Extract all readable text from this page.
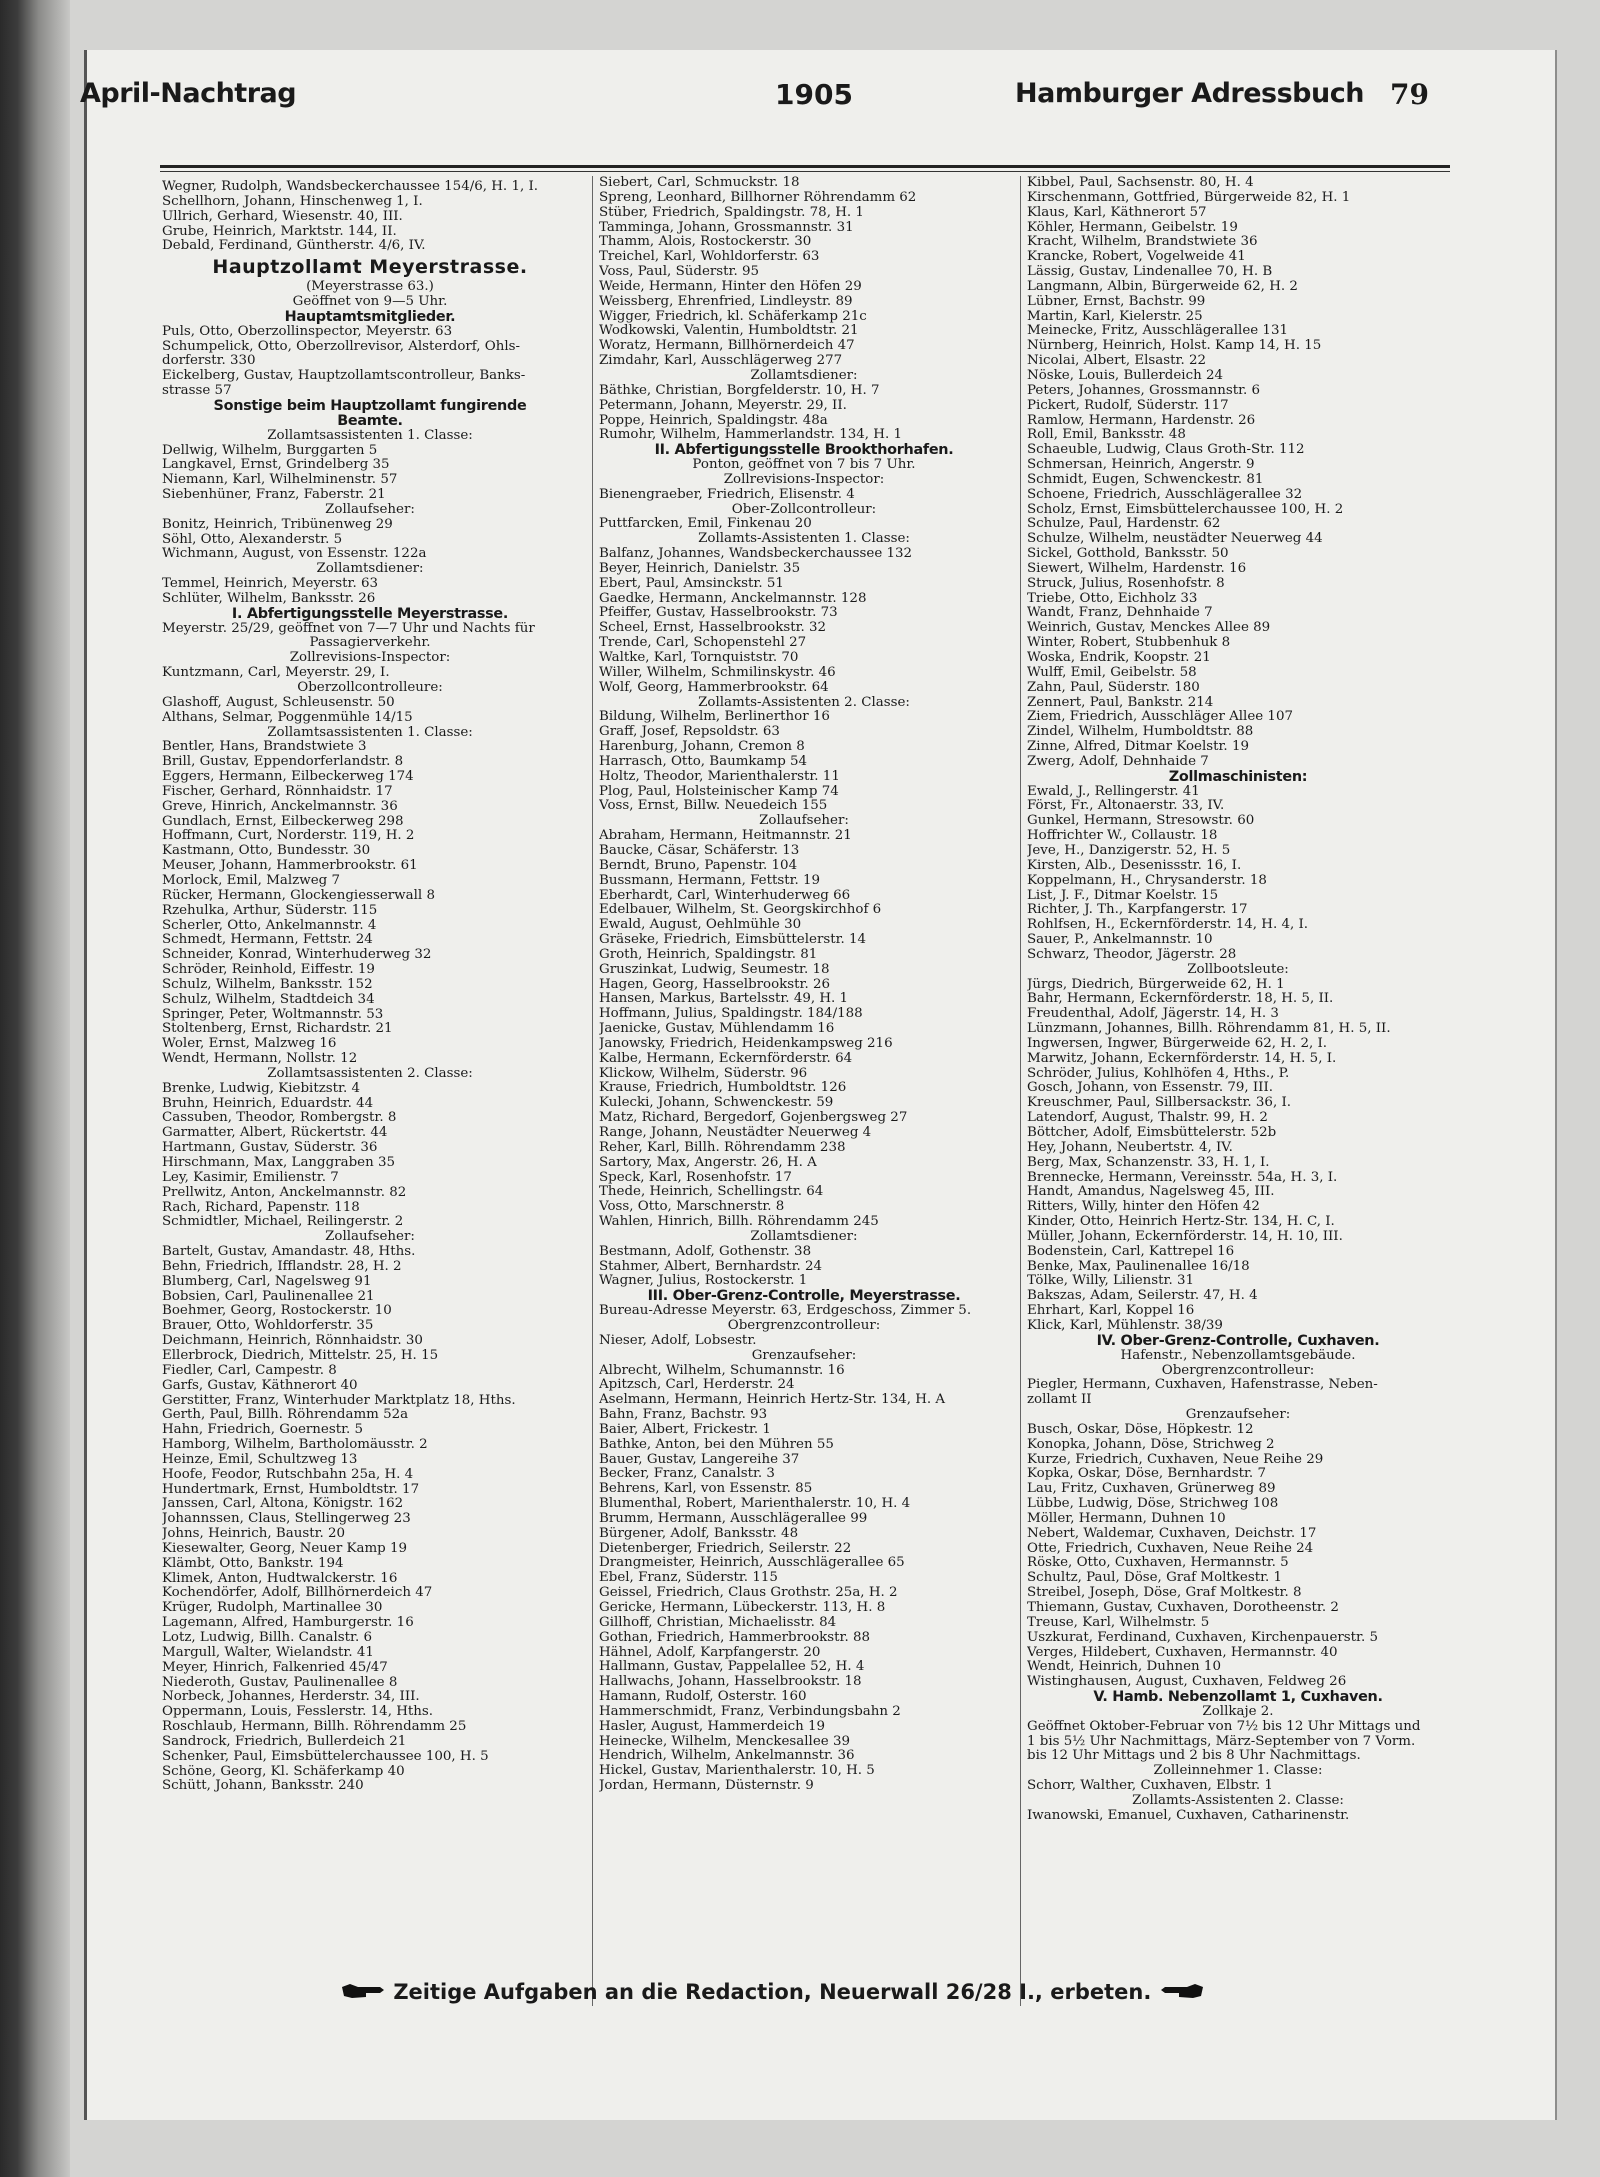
April-Nachtrag	1905	Hamburger Adressbuch 79
Wegner, Rudolph, Wandsbeckerchaussee 154/6, H. 1, I.
Schellhorn, Johann, Hinschenweg 1, I.
Ullrich, Gerhard, Wiesenstr. 40, III.
Grube, Heinrich, Marktstr. 144, II.
Debald, Ferdinand, Güntherstr. 4/6, IV.
Hauptzollamt Meyerstrasse.
(Meyerstrasse 63.)
Geöffnet von 9—5 Uhr.
Hauptamtsmitglieder.
Puls, Otto, Oberzollinspector, Meyerstr. 63
Schumpelick, Otto, Oberzollrevisor, Alsterdorf, Ohls-
dorferstr. 330
Eickelberg, Gustav, Hauptzollamtscontrolleur, Banks-
strasse 57
Sonstige beim Hauptzollamt fungirende
Beamte.
Zollamtsassistenten 1. Classe:
Dellwig, Wilhelm, Burggarten 5
Langkavel, Ernst, Grindelberg 35
Niemann, Karl, Wilhelminenstr. 57
Siebenhüner, Franz, Faberstr. 21
Zollaufseher:
Bonitz, Heinrich, Tribünenweg 29
Söhl, Otto, Alexanderstr. 5
Wichmann, August, von Essenstr. 122a
Zollamtsdiener:
Temmel, Heinrich, Meyerstr. 63
Schlüter, Wilhelm, Banksstr. 26
I. Abfertigungsstelle Meyerstrasse.
Meyerstr. 25/29, geöffnet von 7—7 Uhr und Nachts für
Passagierverkehr.
Zollrevisions-Inspector:
Kuntzmann, Carl, Meyerstr. 29, I.
Oberzollcontrolleure:
Glashoff, August, Schleusenstr. 50
Althans, Selmar, Poggenmühle 14/15
Zollamtsassistenten 1. Classe:
Bentler, Hans, Brandstwiete 3
Brill, Gustav, Eppendorferlandstr. 8
Eggers, Hermann, Eilbeckerweg 174
Fischer, Gerhard, Rönnhaidstr. 17
Greve, Hinrich, Anckelmannstr. 36
Gundlach, Ernst, Eilbeckerweg 298
Hoffmann, Curt, Norderstr. 119, H. 2
Kastmann, Otto, Bundesstr. 30
Meuser, Johann, Hammerbrookstr. 61
Morlock, Emil, Malzweg 7
Rücker, Hermann, Glockengiesserwall 8
Rzehulka, Arthur, Süderstr. 115
Scherler, Otto, Ankelmannstr. 4
Schmedt, Hermann, Fettstr. 24
Schneider, Konrad, Winterhuderweg 32
Schröder, Reinhold, Eiffestr. 19
Schulz, Wilhelm, Banksstr. 152
Schulz, Wilhelm, Stadtdeich 34
Springer, Peter, Woltmannstr. 53
Stoltenberg, Ernst, Richardstr. 21
Woler, Ernst, Malzweg 16
Wendt, Hermann, Nollstr. 12
Zollamtsassistenten 2. Classe:
Brenke, Ludwig, Kiebitzstr. 4
Bruhn, Heinrich, Eduardstr. 44
Cassuben, Theodor, Rombergstr. 8
Garmatter, Albert, Rückertstr. 44
Hartmann, Gustav, Süderstr. 36
Hirschmann, Max, Langgraben 35
Ley, Kasimir, Emilienstr. 7
Prellwitz, Anton, Anckelmannstr. 82
Rach, Richard, Papenstr. 118
Schmidtler, Michael, Reilingerstr. 2
Zollaufseher:
Bartelt, Gustav, Amandastr. 48, Hths.
Behn, Friedrich, Ifflandstr. 28, H. 2
Blumberg, Carl, Nagelsweg 91
Bobsien, Carl, Paulinenallee 21
Boehmer, Georg, Rostockerstr. 10
Brauer, Otto, Wohldorferstr. 35
Deichmann, Heinrich, Rönnhaidstr. 30
Ellerbrock, Diedrich, Mittelstr. 25, H. 15
Fiedler, Carl, Campestr. 8
Garfs, Gustav, Käthnerort 40
Gerstitter, Franz, Winterhuder Marktplatz 18, Hths.
Gerth, Paul, Billh. Röhrendamm 52a
Hahn, Friedrich, Goernestr. 5
Hamborg, Wilhelm, Bartholomäusstr. 2
Heinze, Emil, Schultzweg 13
Hoofe, Feodor, Rutschbahn 25a, H. 4
Hundertmark, Ernst, Humboldtstr. 17
Janssen, Carl, Altona, Königstr. 162
Johannssen, Claus, Stellingerweg 23
Johns, Heinrich, Baustr. 20
Kiesewalter, Georg, Neuer Kamp 19
Klämbt, Otto, Bankstr. 194
Klimek, Anton, Hudtwalckerstr. 16
Kochendörfer, Adolf, Billhörnerdeich 47
Krüger, Rudolph, Martinallee 30
Lagemann, Alfred, Hamburgerstr. 16
Lotz, Ludwig, Billh. Canalstr. 6
Margull, Walter, Wielandstr. 41
Meyer, Hinrich, Falkenried 45/47
Niederoth, Gustav, Paulinenallee 8
Norbeck, Johannes, Herderstr. 34, III.
Oppermann, Louis, Fesslerstr. 14, Hths.
Roschlaub, Hermann, Billh. Röhrendamm 25
Sandrock, Friedrich, Bullerdeich 21
Schenker, Paul, Eimsbüttelerchaussee 100, H. 5
Schöne, Georg, Kl. Schäferkamp 40
Schütt, Johann, Banksstr. 240
Siebert, Carl, Schmuckstr. 18
Spreng, Leonhard, Billhorner Röhrendamm 62
Stüber, Friedrich, Spaldingstr. 78, H. 1
Tamminga, Johann, Grossmannstr. 31
Thamm, Alois, Rostockerstr. 30
Treichel, Karl, Wohldorferstr. 63
Voss, Paul, Süderstr. 95
Weide, Hermann, Hinter den Höfen 29
Weissberg, Ehrenfried, Lindleystr. 89
Wigger, Friedrich, kl. Schäferkamp 21c
Wodkowski, Valentin, Humboldtstr. 21
Woratz, Hermann, Billhörnerdeich 47
Zimdahr, Karl, Ausschlägerweg 277
Zollamtsdiener:
Bäthke, Christian, Borgfelderstr. 10, H. 7
Petermann, Johann, Meyerstr. 29, II.
Poppe, Heinrich, Spaldingstr. 48a
Rumohr, Wilhelm, Hammerlandstr. 134, H. 1
II. Abfertigungsstelle Brookthorhafen.
Ponton, geöffnet von 7 bis 7 Uhr.
Zollrevisions-Inspector:
Bienengraeber, Friedrich, Elisenstr. 4
Ober-Zollcontrolleur:
Puttfarcken, Emil, Finkenau 20
Zollamts-Assistenten 1. Classe:
Balfanz, Johannes, Wandsbeckerchaussee 132
Beyer, Heinrich, Danielstr. 35
Ebert, Paul, Amsinckstr. 51
Gaedke, Hermann, Anckelmannstr. 128
Pfeiffer, Gustav, Hasselbrookstr. 73
Scheel, Ernst, Hasselbrookstr. 32
Trende, Carl, Schopenstehl 27
Waltke, Karl, Tornquiststr. 70
Willer, Wilhelm, Schmilinskystr. 46
Wolf, Georg, Hammerbrookstr. 64
Zollamts-Assistenten 2. Classe:
Bildung, Wilhelm, Berlinerthor 16
Graff, Josef, Repsoldstr. 63
Harenburg, Johann, Cremon 8
Harrasch, Otto, Baumkamp 54
Holtz, Theodor, Marienthalerstr. 11
Plog, Paul, Holsteinischer Kamp 74
Voss, Ernst, Billw. Neuedeich 155
Zollaufseher:
Abraham, Hermann, Heitmannstr. 21
Baucke, Cäsar, Schäferstr. 13
Berndt, Bruno, Papenstr. 104
Bussmann, Hermann, Fettstr. 19
Eberhardt, Carl, Winterhuderweg 66
Edelbauer, Wilhelm, St. Georgskirchhof 6
Ewald, August, Oehlmühle 30
Gräseke, Friedrich, Eimsbüttelerstr. 14
Groth, Heinrich, Spaldingstr. 81
Gruszinkat, Ludwig, Seumestr. 18
Hagen, Georg, Hasselbrookstr. 26
Hansen, Markus, Bartelsstr. 49, H. 1
Hoffmann, Julius, Spaldingstr. 184/188
Jaenicke, Gustav, Mühlendamm 16
Janowsky, Friedrich, Heidenkampsweg 216
Kalbe, Hermann, Eckernförderstr. 64
Klickow, Wilhelm, Süderstr. 96
Krause, Friedrich, Humboldtstr. 126
Kulecki, Johann, Schwenckestr. 59
Matz, Richard, Bergedorf, Gojenbergsweg 27
Range, Johann, Neustädter Neuerweg 4
Reher, Karl, Billh. Röhrendamm 238
Sartory, Max, Angerstr. 26, H. A
Speck, Karl, Rosenhofstr. 17
Thede, Heinrich, Schellingstr. 64
Voss, Otto, Marschnerstr. 8
Wahlen, Hinrich, Billh. Röhrendamm 245
Zollamtsdiener:
Bestmann, Adolf, Gothenstr. 38
Stahmer, Albert, Bernhardstr. 24
Wagner, Julius, Rostockerstr. 1
III. Ober-Grenz-Controlle, Meyerstrasse.
Bureau-Adresse Meyerstr. 63, Erdgeschoss, Zimmer 5.
Obergrenzcontrolleur:
Nieser, Adolf, Lobsestr.
Grenzaufseher:
Albrecht, Wilhelm, Schumannstr. 16
Apitzsch, Carl, Herderstr. 24
Aselmann, Hermann, Heinrich Hertz-Str. 134, H. A
Bahn, Franz, Bachstr. 93
Baier, Albert, Frickestr. 1
Bathke, Anton, bei den Mühren 55
Bauer, Gustav, Langereihe 37
Becker, Franz, Canalstr. 3
Behrens, Karl, von Essenstr. 85
Blumenthal, Robert, Marienthalerstr. 10, H. 4
Brumm, Hermann, Ausschlägerallee 99
Bürgener, Adolf, Banksstr. 48
Dietenberger, Friedrich, Seilerstr. 22
Drangmeister, Heinrich, Ausschlägerallee 65
Ebel, Franz, Süderstr. 115
Geissel, Friedrich, Claus Grothstr. 25a, H. 2
Gericke, Hermann, Lübeckerstr. 113, H. 8
Gillhoff, Christian, Michaelisstr. 84
Gothan, Friedrich, Hammerbrookstr. 88
Hähnel, Adolf, Karpfangerstr. 20
Hallmann, Gustav, Pappelallee 52, H. 4
Hallwachs, Johann, Hasselbrookstr. 18
Hamann, Rudolf, Osterstr. 160
Hammerschmidt, Franz, Verbindungsbahn 2
Hasler, August, Hammerdeich 19
Heinecke, Wilhelm, Menckesallee 39
Hendrich, Wilhelm, Ankelmannstr. 36
Hickel, Gustav, Marienthalerstr. 10, H. 5
Jordan, Hermann, Düsternstr. 9
Kibbel, Paul, Sachsenstr. 80, H. 4
Kirschenmann, Gottfried, Bürgerweide 82, H. 1
Klaus, Karl, Käthnerort 57
Köhler, Hermann, Geibelstr. 19
Kracht, Wilhelm, Brandstwiete 36
Krancke, Robert, Vogelweide 41
Lässig, Gustav, Lindenallee 70, H. B
Langmann, Albin, Bürgerweide 62, H. 2
Lübner, Ernst, Bachstr. 99
Martin, Karl, Kielerstr. 25
Meinecke, Fritz, Ausschlägerallee 131
Nürnberg, Heinrich, Holst. Kamp 14, H. 15
Nicolai, Albert, Elsastr. 22
Nöske, Louis, Bullerdeich 24
Peters, Johannes, Grossmannstr. 6
Pickert, Rudolf, Süderstr. 117
Ramlow, Hermann, Hardenstr. 26
Roll, Emil, Banksstr. 48
Schaeuble, Ludwig, Claus Groth-Str. 112
Schmersan, Heinrich, Angerstr. 9
Schmidt, Eugen, Schwenckestr. 81
Schoene, Friedrich, Ausschlägerallee 32
Scholz, Ernst, Eimsbüttelerchaussee 100, H. 2
Schulze, Paul, Hardenstr. 62
Schulze, Wilhelm, neustädter Neuerweg 44
Sickel, Gotthold, Banksstr. 50
Siewert, Wilhelm, Hardenstr. 16
Struck, Julius, Rosenhofstr. 8
Triebe, Otto, Eichholz 33
Wandt, Franz, Dehnhaide 7
Weinrich, Gustav, Menckes Allee 89
Winter, Robert, Stubbenhuk 8
Woska, Endrik, Koopstr. 21
Wulff, Emil, Geibelstr. 58
Zahn, Paul, Süderstr. 180
Zennert, Paul, Bankstr. 214
Ziem, Friedrich, Ausschläger Allee 107
Zindel, Wilhelm, Humboldtstr. 88
Zinne, Alfred, Ditmar Koelstr. 19
Zwerg, Adolf, Dehnhaide 7
Zollmaschinisten:
Ewald, J., Rellingerstr. 41
Först, Fr., Altonaerstr. 33, IV.
Gunkel, Hermann, Stresowstr. 60
Hoffrichter W., Collaustr. 18
Jeve, H., Danzigerstr. 52, H. 5
Kirsten, Alb., Desenissstr. 16, I.
Koppelmann, H., Chrysanderstr. 18
List, J. F., Ditmar Koelstr. 15
Richter, J. Th., Karpfangerstr. 17
Rohlfsen, H., Eckernförderstr. 14, H. 4, I.
Sauer, P., Ankelmannstr. 10
Schwarz, Theodor, Jägerstr. 28
Zollbootsleute:
Jürgs, Diedrich, Bürgerweide 62, H. 1
Bahr, Hermann, Eckernförderstr. 18, H. 5, II.
Freudenthal, Adolf, Jägerstr. 14, H. 3
Lünzmann, Johannes, Billh. Röhrendamm 81, H. 5, II.
Ingwersen, Ingwer, Bürgerweide 62, H. 2, I.
Marwitz, Johann, Eckernförderstr. 14, H. 5, I.
Schröder, Julius, Kohlhöfen 4, Hths., P.
Gosch, Johann, von Essenstr. 79, III.
Kreuschmer, Paul, Sillbersackstr. 36, I.
Latendorf, August, Thalstr. 99, H. 2
Böttcher, Adolf, Eimsbüttelerstr. 52b
Hey, Johann, Neubertstr. 4, IV.
Berg, Max, Schanzenstr. 33, H. 1, I.
Brennecke, Hermann, Vereinsstr. 54a, H. 3, I.
Handt, Amandus, Nagelsweg 45, III.
Ritters, Willy, hinter den Höfen 42
Kinder, Otto, Heinrich Hertz-Str. 134, H. C, I.
Müller, Johann, Eckernförderstr. 14, H. 10, III.
Bodenstein, Carl, Kattrepel 16
Benke, Max, Paulinenallee 16/18
Tölke, Willy, Lilienstr. 31
Bakszas, Adam, Seilerstr. 47, H. 4
Ehrhart, Karl, Koppel 16
Klick, Karl, Mühlenstr. 38/39
IV. Ober-Grenz-Controlle, Cuxhaven.
Hafenstr., Nebenzollamtsgebäude.
Obergrenzcontrolleur:
Piegler, Hermann, Cuxhaven, Hafenstrasse, Neben-
zollamt II
Grenzaufseher:
Busch, Oskar, Döse, Höpkestr. 12
Konopka, Johann, Döse, Strichweg 2
Kurze, Friedrich, Cuxhaven, Neue Reihe 29
Kopka, Oskar, Döse, Bernhardstr. 7
Lau, Fritz, Cuxhaven, Grünerweg 89
Lübbe, Ludwig, Döse, Strichweg 108
Möller, Hermann, Duhnen 10
Nebert, Waldemar, Cuxhaven, Deichstr. 17
Otte, Friedrich, Cuxhaven, Neue Reihe 24
Röske, Otto, Cuxhaven, Hermannstr. 5
Schultz, Paul, Döse, Graf Moltkestr. 1
Streibel, Joseph, Döse, Graf Moltkestr. 8
Thiemann, Gustav, Cuxhaven, Dorotheenstr. 2
Treuse, Karl, Wilhelmstr. 5
Uszkurat, Ferdinand, Cuxhaven, Kirchenpauerstr. 5
Verges, Hildebert, Cuxhaven, Hermannstr. 40
Wendt, Heinrich, Duhnen 10
Wistinghausen, August, Cuxhaven, Feldweg 26
V. Hamb. Nebenzollamt 1, Cuxhaven.
Zollkaje 2.
Geöffnet Oktober-Februar von 7½ bis 12 Uhr Mittags und
1 bis 5½ Uhr Nachmittags, März-September von 7 Vorm.
bis 12 Uhr Mittags und 2 bis 8 Uhr Nachmittags.
Zolleinnehmer 1. Classe:
Schorr, Walther, Cuxhaven, Elbstr. 1
Zollamts-Assistenten 2. Classe:
Iwanowski, Emanuel, Cuxhaven, Catharinenstr.
Zeitige Aufgaben an die Redaction, Neuerwall 26/28 I., erbeten.
